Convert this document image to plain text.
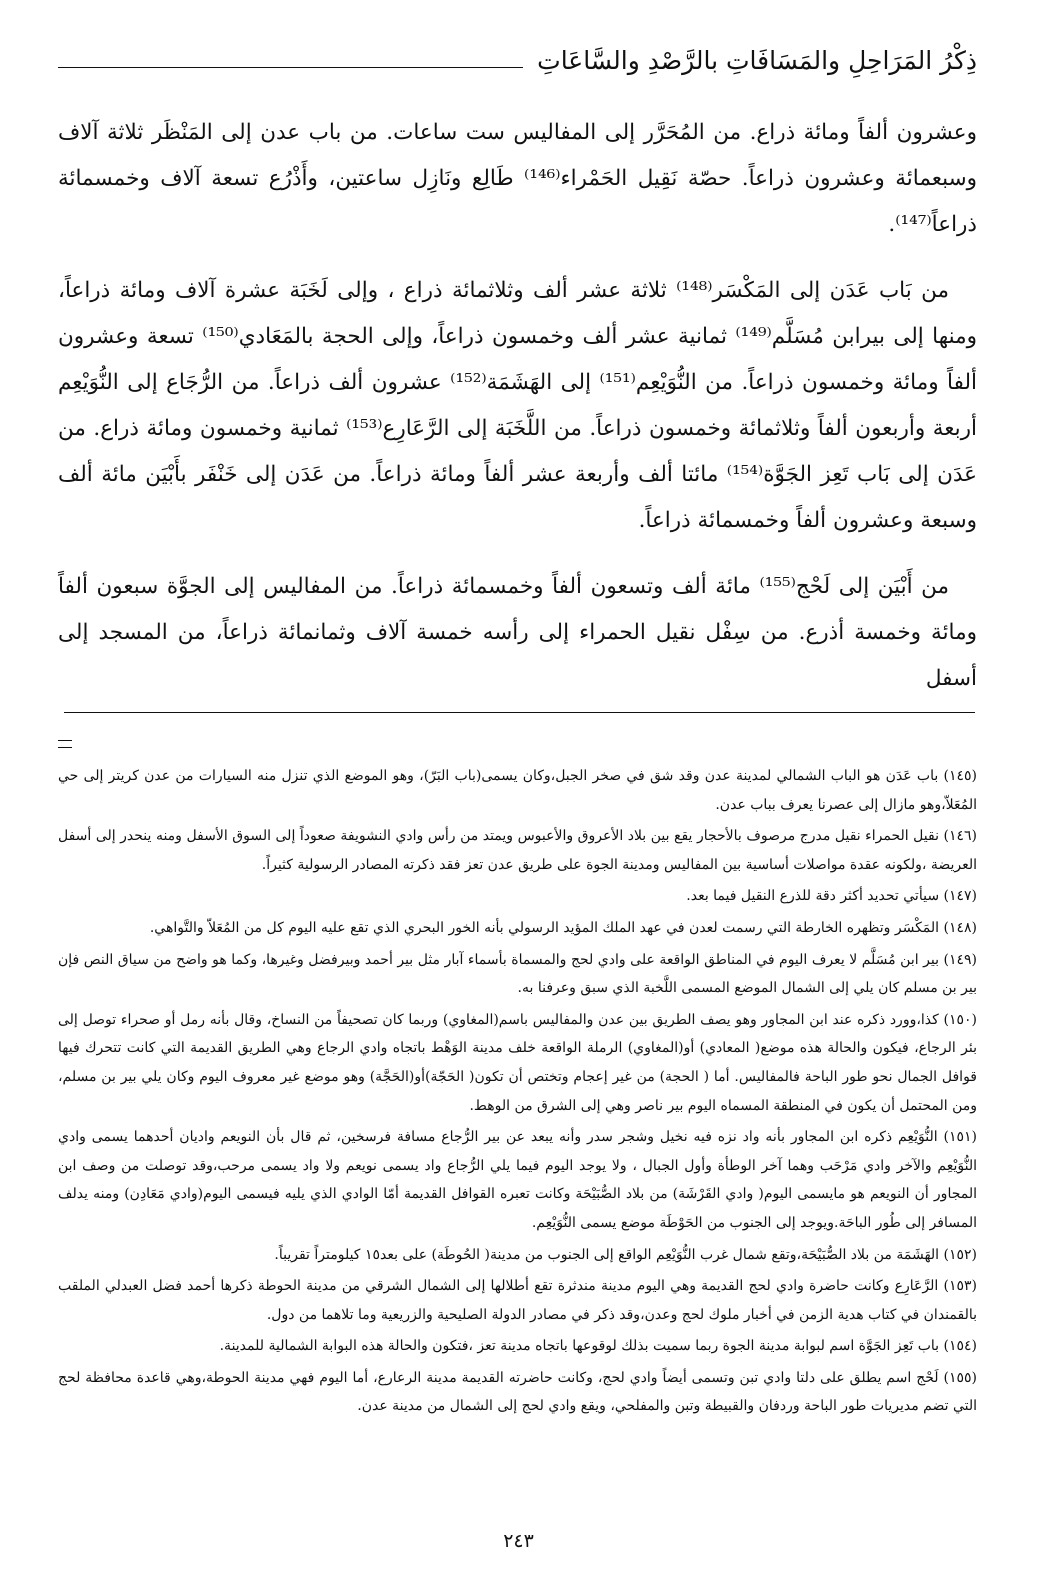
ذِكْرُ المَرَاحِلِ والمَسَافَاتِ بالرَّصْدِ والسَّاعَاتِ

وعشرون ألفاً ومائة ذراع. من المُحَرَّر إلى المفاليس ست ساعات. من باب عدن إلى المَنْظَر ثلاثة آلاف وسبعمائة وعشرون ذراعاً. حصّة نَقِيل الحَمْراء⁽¹⁴⁶⁾ طَالِع ونَازِل ساعتين، وأَذْرُع تسعة آلاف وخمسمائة ذراعاً⁽¹⁴⁷⁾.

من بَاب عَدَن إلى المَكْسَر⁽¹⁴⁸⁾ ثلاثة عشر ألف وثلاثمائة ذراع ، وإلى لَخَبَة عشرة آلاف ومائة ذراعاً، ومنها إلى بيرابن مُسَلَّم⁽¹⁴⁹⁾ ثمانية عشر ألف وخمسون ذراعاً، وإلى الحجة بالمَعَادي⁽¹⁵⁰⁾ تسعة وعشرون ألفاً ومائة وخمسون ذراعاً. من النُّوَيْعِم⁽¹⁵¹⁾ إلى الهَشَمَة⁽¹⁵²⁾ عشرون ألف ذراعاً. من الرُّجَاع إلى النُّوَيْعِم أربعة وأربعون ألفاً وثلاثمائة وخمسون ذراعاً. من اللَّخَبَة إلى الرَّعَارِع⁽¹⁵³⁾ ثمانية وخمسون ومائة ذراع. من عَدَن إلى بَاب تَعِز الجَوَّة⁽¹⁵⁴⁾ مائتا ألف وأربعة عشر ألفاً ومائة ذراعاً. من عَدَن إلى خَنْفَر بأَبْيَن مائة ألف وسبعة وعشرون ألفاً وخمسمائة ذراعاً.

من أَبْيَن إلى لَحْج⁽¹⁵⁵⁾ مائة ألف وتسعون ألفاً وخمسمائة ذراعاً. من المفاليس إلى الجوَّة سبعون ألفاً ومائة وخمسة أذرع. من سِفْل نقيل الحمراء إلى رأسه خمسة آلاف وثمانمائة ذراعاً، من المسجد إلى أسفل

(١٤٥) باب عَدَن هو الباب الشمالي لمدينة عدن وقد شق في صخر الجبل،وكان يسمى(باب البَرّ)، وهو الموضع الذي تنزل منه السيارات من عدن كريتر إلى حي المُعَلاّ،وهو مازال إلى عصرنا يعرف بباب عدن.

(١٤٦) نقيل الحمراء نقيل مدرج مرصوف بالأحجار يقع بين بلاد الأعروق والأعبوس ويمتد من رأس وادي النشويفة صعوداً إلى السوق الأسفل ومنه ينحدر إلى أسفل العريضة ،ولكونه عقدة مواصلات أساسية بين المفاليس ومدينة الجوة على طريق عدن تعز فقد ذكرته المصادر الرسولية كثيراً.

(١٤٧) سيأتي تحديد أكثر دقة للذرع النقيل فيما بعد.

(١٤٨) المَكْسَر وتظهره الخارطة التي رسمت لعدن في عهد الملك المؤيد الرسولي بأنه الخور البحري الذي تقع عليه اليوم كل من المُعَلاّ والتَّواهي.

(١٤٩) بير ابن مُسَلَّم لا يعرف اليوم في المناطق الواقعة على وادي لحج والمسماة بأسماء آبار مثل بير أحمد وبيرفضل وغيرها، وكما هو واضح من سياق النص فإن بير بن مسلم كان يلي إلى الشمال الموضع المسمى اللَّخبة الذي سبق وعرفنا به.

(١٥٠) كذا،وورد ذكره عند ابن المجاور وهو يصف الطريق بين عدن والمفاليس باسم(المغاوي) وربما كان تصحيفاً من النساخ، وقال بأنه رمل أو صحراء توصل إلى بئر الرجاع، فيكون والحالة هذه موضع( المعادي) أو(المغاوي) الرملة الواقعة خلف مدينة الوَهْط باتجاه وادي الرجاع وهي الطريق القديمة التي كانت تتحرك فيها قوافل الجمال نحو طور الباحة فالمفاليس. أما ( الحجة) من غير إعجام وتختص أن تكون( الحَجّة)أو(الحَجَّة) وهو موضع غير معروف اليوم وكان يلي بير بن مسلم، ومن المحتمل أن يكون في المنطقة المسماه اليوم بير ناصر وهي إلى الشرق من الوهط.

(١٥١) النُّوَيْعِم ذكره ابن المجاور بأنه واد نزه فيه نخيل وشجر سدر وأنه يبعد عن بير الرُّجاع مسافة فرسخين، ثم قال بأن النويعم واديان أحدهما يسمى وادي النُّوَيْعِم والآخر وادي مَرْحَب وهما آخر الوطأة وأول الجبال ، ولا يوجد اليوم فيما يلي الرُّجاع واد يسمى نويعم ولا واد يسمى مرحب،وقد توصلت من وصف ابن المجاور أن النويعم هو مايسمى اليوم( وادي القَرْشَة) من بلاد الصُّبَيْحَة وكانت تعبره القوافل القديمة أمّا الوادي الذي يليه فيسمى اليوم(وادي مَعَادِن) ومنه يدلف المسافر إلى طُور الباحَة.ويوجد إلى الجنوب من الحَوْطَة موضع يسمى النُّوَيْعِم.

(١٥٢) الهَشَمَة من بلاد الصُّبَيْحَة،وتقع شمال غرب النُّوَيْعِم الواقع إلى الجنوب من مدينة( الحُوطَة) على بعد١٥ كيلومتراً تقريباً.

(١٥٣) الرَّعَارِع وكانت حاضرة وادي لحج القديمة وهي اليوم مدينة مندثرة تقع أطلالها إلى الشمال الشرقي من مدينة الحوطة ذكرها أحمد فضل العبدلي الملقب بالقمندان في كتاب هدية الزمن في أخبار ملوك لحج وعدن،وقد ذكر في مصادر الدولة الصليحية والزريعية وما تلاهما من دول.

(١٥٤) باب تَعِز الجَوَّة اسم لبوابة مدينة الجوة ربما سميت بذلك لوقوعها باتجاه مدينة تعز ،فتكون والحالة هذه البوابة الشمالية للمدينة.

(١٥٥) لَحْج اسم يطلق على دلتا وادي تبن وتسمى أيضاً وادي لحج، وكانت حاضرته القديمة مدينة الرعارع، أما اليوم فهي مدينة الحوطة،وهي قاعدة محافظة لحج التي تضم مديريات طور الباحة وردفان والقبيطة وتبن والمفلحي، ويقع وادي لحج إلى الشمال من مدينة عدن.

٢٤٣
